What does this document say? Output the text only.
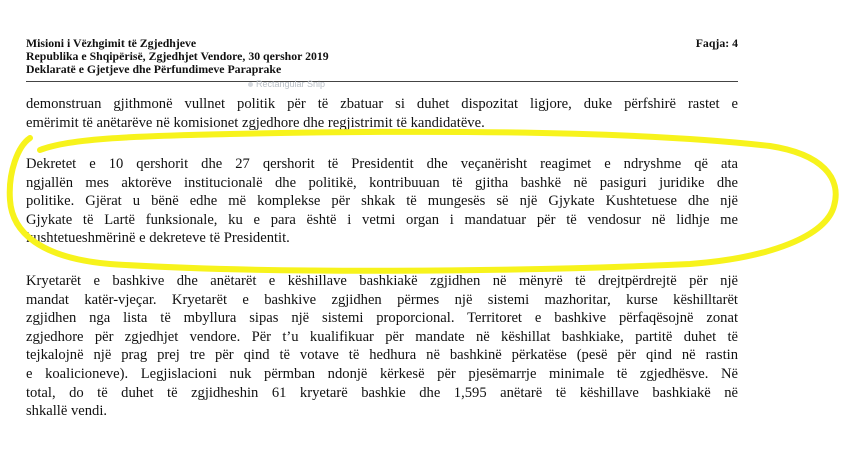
Misioni i Vëzhgimit të Zgjedhjeve
Republika e Shqipërisë, Zgjedhjet Vendore, 30 qershor 2019
Deklaratë e Gjetjeve dhe Përfundimeve Paraprake
Faqja: 4
Rectangular Snip
demonstruan gjithmonë vullnet politik për të zbatuar si duhet dispozitat ligjore, duke përfshirë rastet e
emërimit të anëtarëve në komisionet zgjedhore dhe regjistrimit të kandidatëve.
Dekretet e 10 qershorit dhe 27 qershorit të Presidentit dhe veçanërisht reagimet e ndryshme që ata
ngjallën mes aktorëve institucionalë dhe politikë, kontribuuan të gjitha bashkë në pasiguri juridike dhe
politike. Gjërat u bënë edhe më komplekse për shkak të mungesës së një Gjykate Kushtetuese dhe një
Gjykate të Lartë funksionale, ku e para është i vetmi organ i mandatuar për të vendosur në lidhje me
kushtetueshmërinë e dekreteve të Presidentit.
Kryetarët e bashkive dhe anëtarët e këshillave bashkiakë zgjidhen në mënyrë të drejtpërdrejtë për një
mandat katër-vjeçar. Kryetarët e bashkive zgjidhen përmes një sistemi mazhoritar, kurse këshilltarët
zgjidhen nga lista të mbyllura sipas një sistemi proporcional. Territoret e bashkive përfaqësojnë zonat
zgjedhore për zgjedhjet vendore. Për t’u kualifikuar për mandate në këshillat bashkiake, partitë duhet të
tejkalojnë një prag prej tre për qind të votave të hedhura në bashkinë përkatëse (pesë për qind në rastin
e koalicioneve). Legjislacioni nuk përmban ndonjë kërkesë për pjesëmarrje minimale të zgjedhësve. Në
total, do të duhet të zgjidheshin 61 kryetarë bashkie dhe 1,595 anëtarë të këshillave bashkiakë në
shkallë vendi.
